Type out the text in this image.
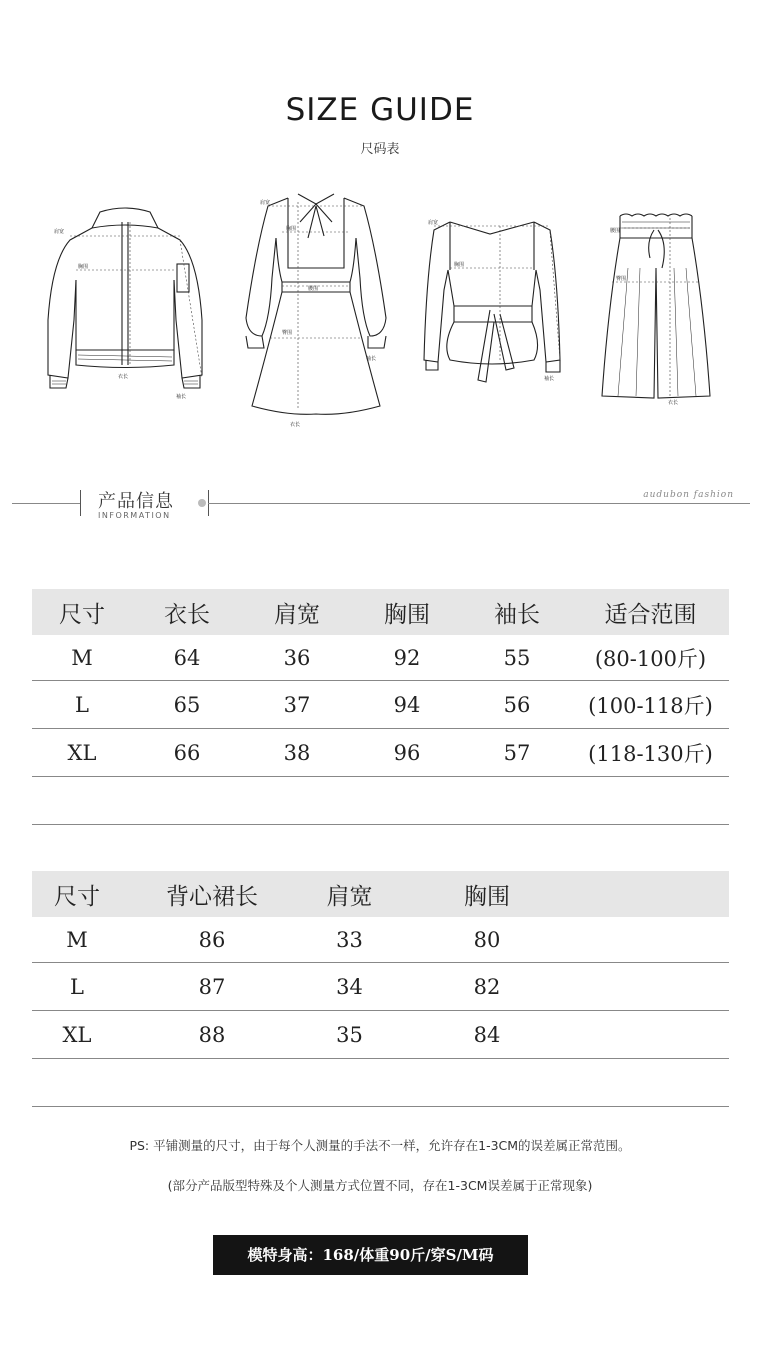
SIZE GUIDE
尺码表
肩宽
胸围
衣长
袖长
肩宽
胸围
腰围
臀围
袖长
衣长
肩宽
胸围
袖长
腰围
臀围
衣长
产品信息
INFORMATION
audubon fashion
尺寸	衣长	肩宽	胸围	袖长	适合范围
M	64	36	92	55	(80-100斤)
L	65	37	94	56	(100-118斤)
XL	66	38	96	57	(118-130斤)

尺寸	背心裙长	肩宽	胸围	
M	86	33	80	
L	87	34	82	
XL	88	35	84	

PS: 平铺测量的尺寸，由于每个人测量的手法不一样，允许存在1-3CM的误差属正常范围。
(部分产品版型特殊及个人测量方式位置不同，存在1-3CM误差属于正常现象)
模特身高：168/体重90斤/穿S/M码
